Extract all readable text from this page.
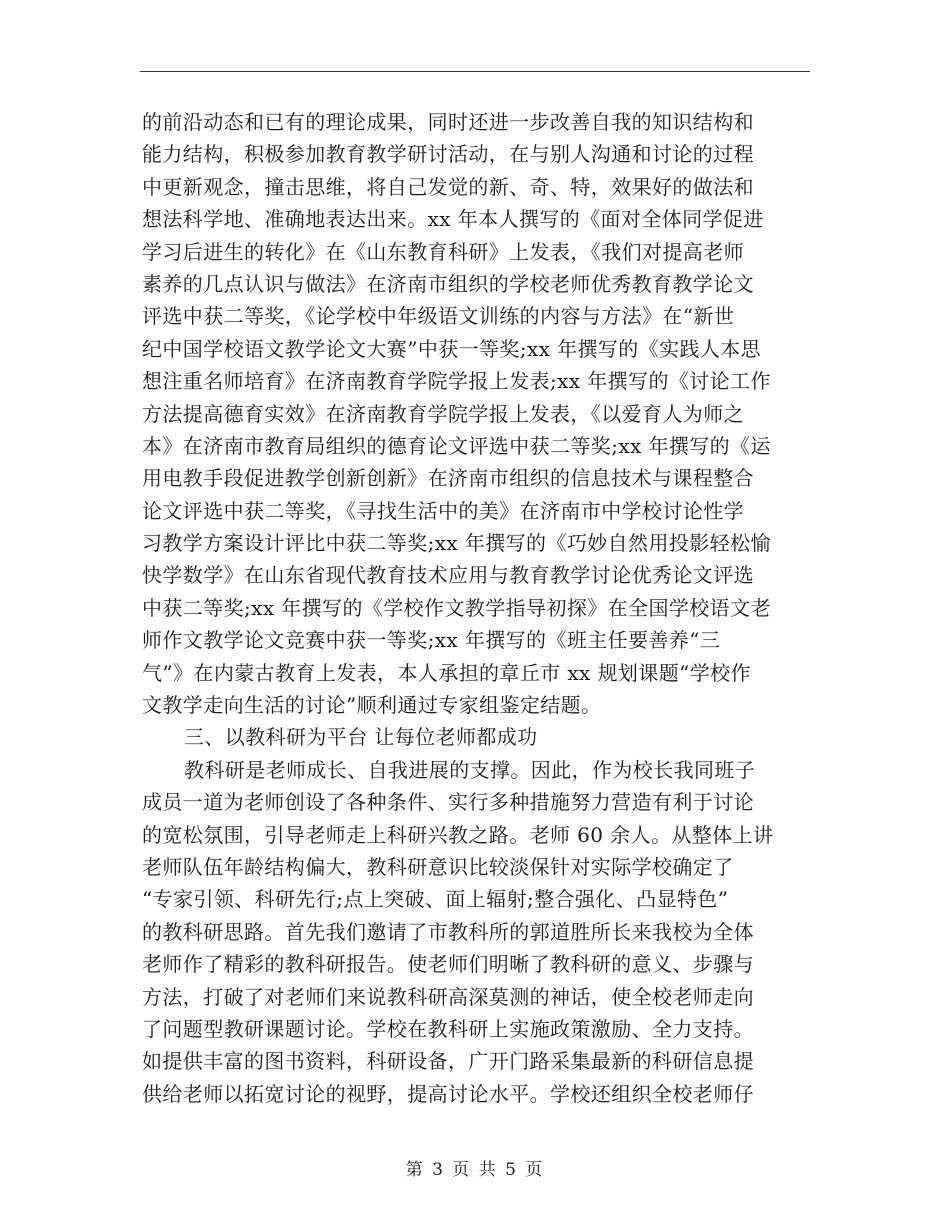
的前沿动态和已有的理论成果，同时还进一步改善自我的知识结构和
能力结构，积极参加教育教学研讨活动，在与别人沟通和讨论的过程
中更新观念，撞击思维，将自己发觉的新、奇、特，效果好的做法和
想法科学地、准确地表达出来。xx 年本人撰写的《面对全体同学促进
学习后进生的转化》在《山东教育科研》上发表，《我们对提高老师
素养的几点认识与做法》在济南市组织的学校老师优秀教育教学论文
评选中获二等奖，《论学校中年级语文训练的内容与方法》在“新世
纪中国学校语文教学论文大赛”中获一等奖;xx 年撰写的《实践人本思
想注重名师培育》在济南教育学院学报上发表;xx 年撰写的《讨论工作
方法提高德育实效》在济南教育学院学报上发表，《以爱育人为师之
本》在济南市教育局组织的德育论文评选中获二等奖;xx 年撰写的《运
用电教手段促进教学创新创新》在济南市组织的信息技术与课程整合
论文评选中获二等奖，《寻找生活中的美》在济南市中学校讨论性学
习教学方案设计评比中获二等奖;xx 年撰写的《巧妙自然用投影轻松愉
快学数学》在山东省现代教育技术应用与教育教学讨论优秀论文评选
中获二等奖;xx 年撰写的《学校作文教学指导初探》在全国学校语文老
师作文教学论文竞赛中获一等奖;xx 年撰写的《班主任要善养“三
气”》在内蒙古教育上发表，本人承担的章丘市 xx 规划课题“学校作
文教学走向生活的讨论”顺利通过专家组鉴定结题。
三、以教科研为平台 让每位老师都成功
教科研是老师成长、自我进展的支撑。因此，作为校长我同班子
成员一道为老师创设了各种条件、实行多种措施努力营造有利于讨论
的宽松氛围，引导老师走上科研兴教之路。老师 60 余人。从整体上讲
老师队伍年龄结构偏大，教科研意识比较淡保针对实际学校确定了
“专家引领、科研先行;点上突破、面上辐射;整合强化、凸显特色”
的教科研思路。首先我们邀请了市教科所的郭道胜所长来我校为全体
老师作了精彩的教科研报告。使老师们明晰了教科研的意义、步骤与
方法，打破了对老师们来说教科研高深莫测的神话，使全校老师走向
了问题型教研课题讨论。学校在教科研上实施政策激励、全力支持。
如提供丰富的图书资料，科研设备，广开门路采集最新的科研信息提
供给老师以拓宽讨论的视野，提高讨论水平。学校还组织全校老师仔
第 3 页 共 5 页
